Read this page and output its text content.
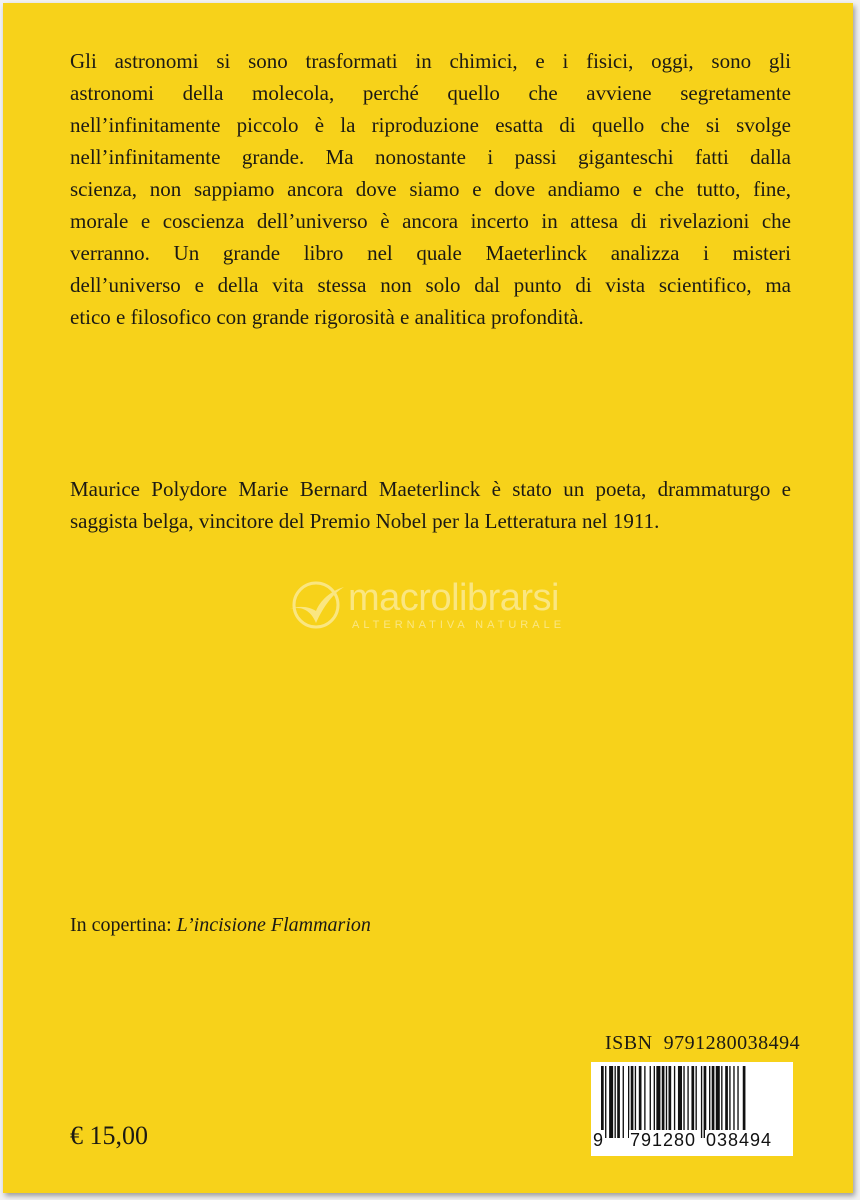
Gli astronomi si sono trasformati in chimici, e i fisici, oggi, sono gli
astronomi della molecola, perché quello che avviene segretamente
nell’infinitamente piccolo è la riproduzione esatta di quello che si svolge
nell’infinitamente grande. Ma nonostante i passi giganteschi fatti dalla
scienza, non sappiamo ancora dove siamo e dove andiamo e che tutto, fine,
morale e coscienza dell’universo è ancora incerto in attesa di rivelazioni che
verranno. Un grande libro nel quale Maeterlinck analizza i misteri
dell’universo e della vita stessa non solo dal punto di vista scientifico, ma
etico e filosofico con grande rigorosità e analitica profondità.
Maurice Polydore Marie Bernard Maeterlinck è stato un poeta, drammaturgo e
saggista belga, vincitore del Premio Nobel per la Letteratura nel 1911.
macrolibrarsi
ALTERNATIVA NATURALE

In copertina: L’incisione Flammarion

ISBN  9791280038494
9 791280 038494
€ 15,00
